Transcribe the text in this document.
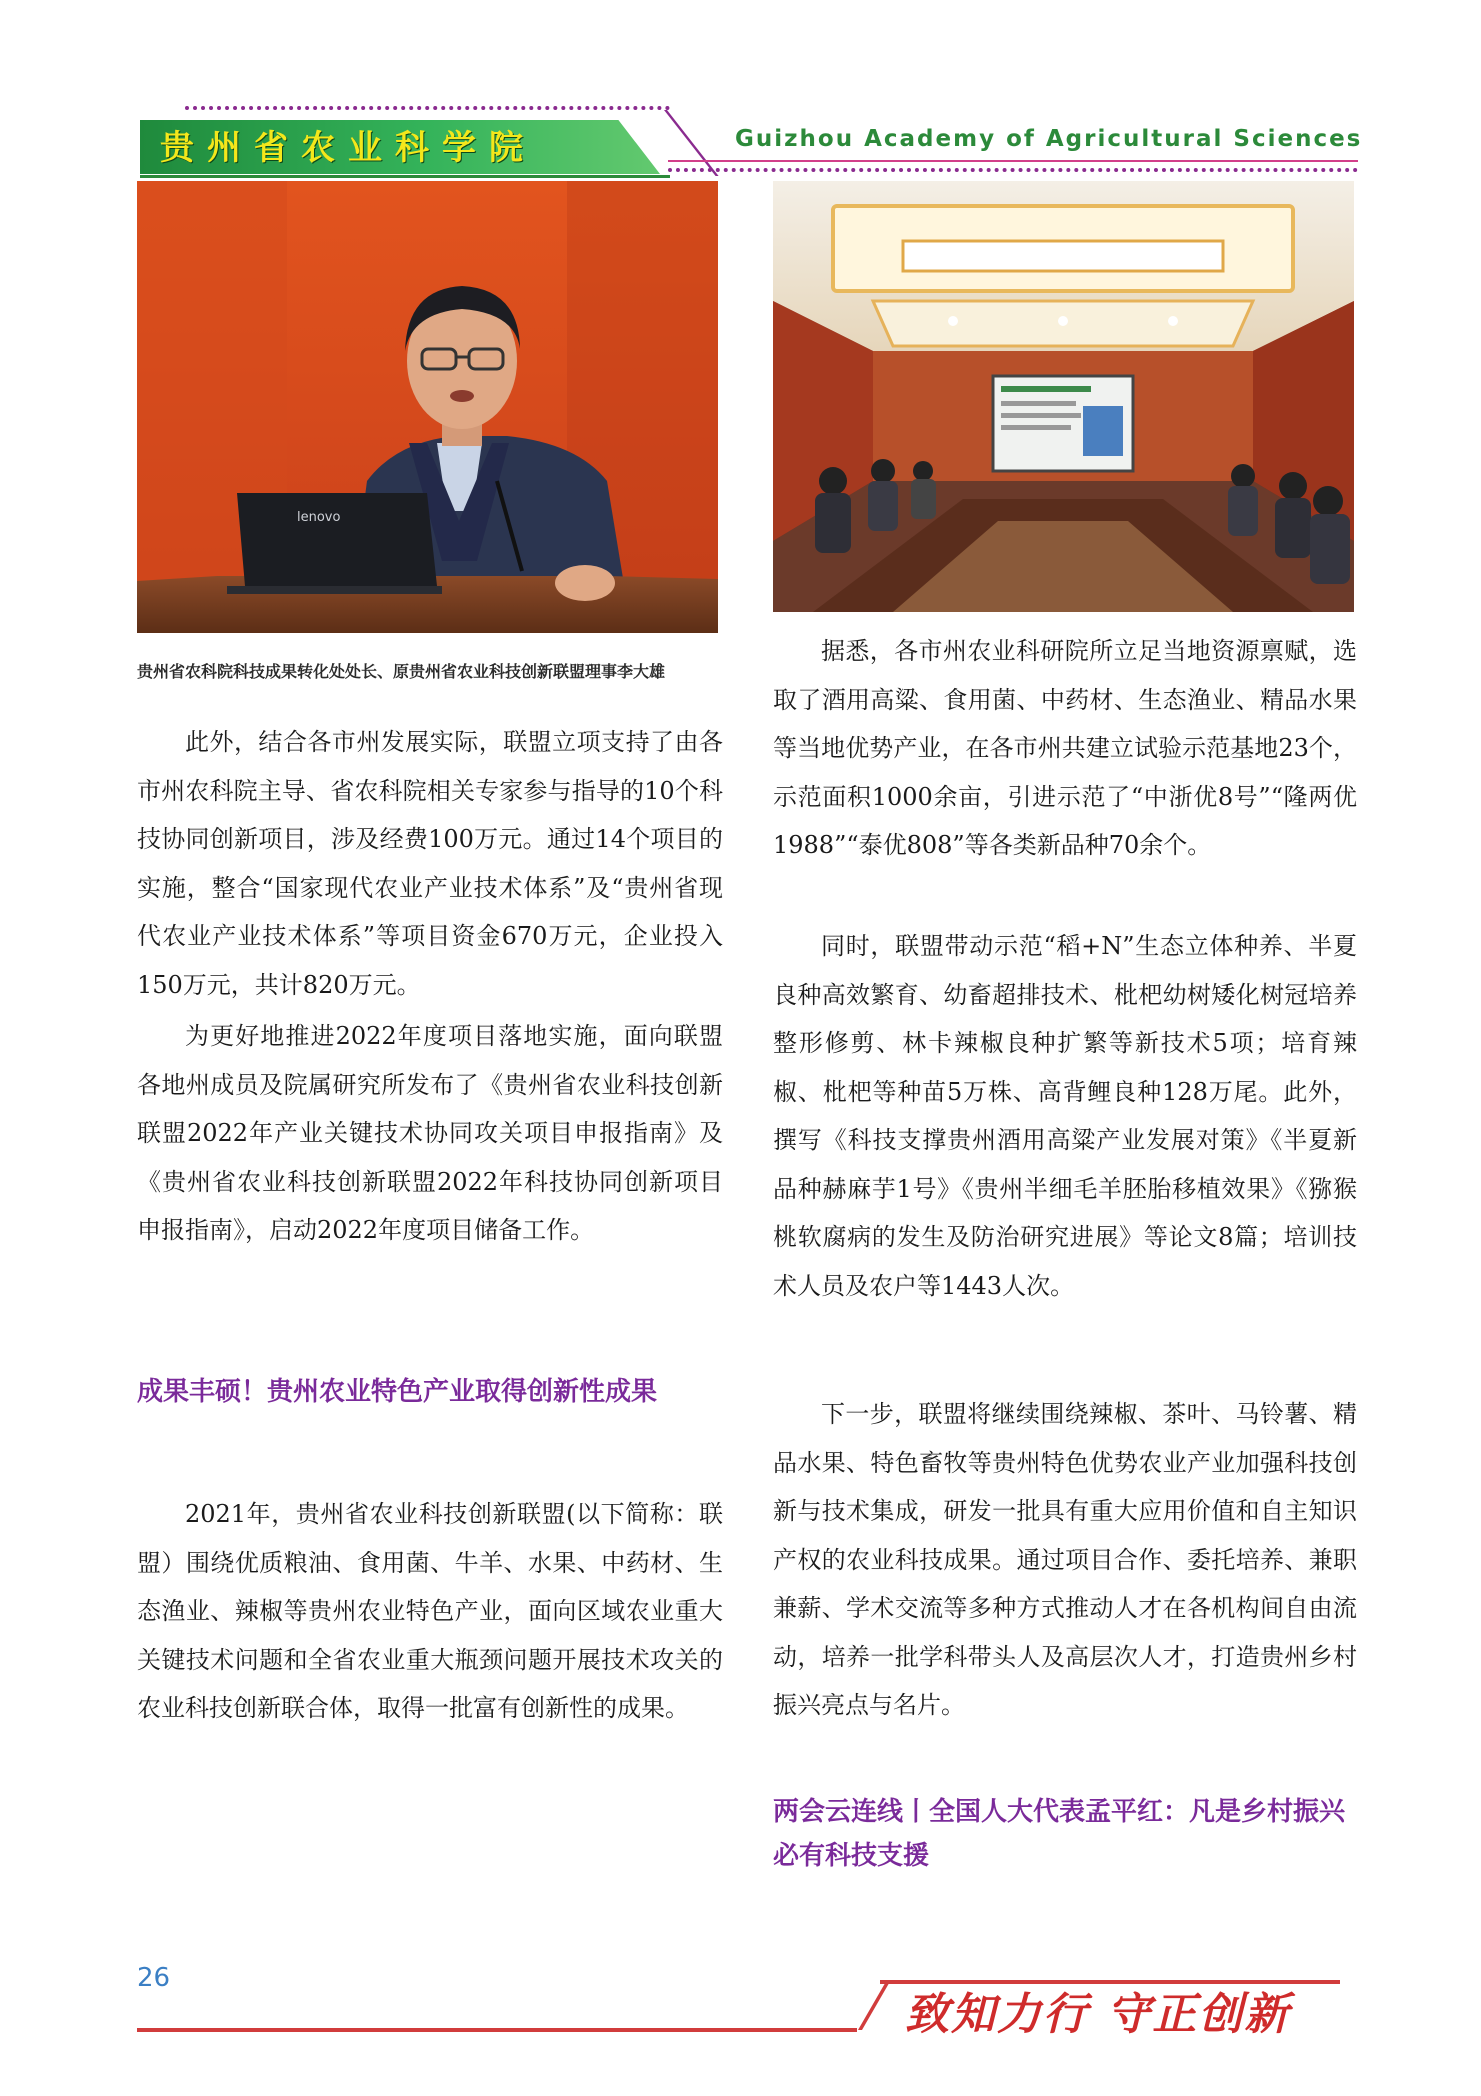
贵州省农业科学院	Guizhou Academy of Agricultural Sciences
lenovo
贵州省农科院科技成果转化处处长、原贵州省农业科技创新联盟理事李大雄

此外，结合各市州发展实际，联盟立项支持了由各市州农科院主导、省农科院相关专家参与指导的10个科技协同创新项目，涉及经费100万元。通过14个项目的实施，整合“国家现代农业产业技术体系”及“贵州省现代农业产业技术体系”等项目资金670万元，企业投入150万元，共计820万元。

为更好地推进2022年度项目落地实施，面向联盟各地州成员及院属研究所发布了《贵州省农业科技创新联盟2022年产业关键技术协同攻关项目申报指南》及《贵州省农业科技创新联盟2022年科技协同创新项目申报指南》，启动2022年度项目储备工作。

成果丰硕！贵州农业特色产业取得创新性成果

2021年，贵州省农业科技创新联盟(以下简称：联盟）围绕优质粮油、食用菌、牛羊、水果、中药材、生态渔业、辣椒等贵州农业特色产业，面向区域农业重大关键技术问题和全省农业重大瓶颈问题开展技术攻关的农业科技创新联合体，取得一批富有创新性的成果。

据悉，各市州农业科研院所立足当地资源禀赋，选取了酒用高粱、食用菌、中药材、生态渔业、精品水果等当地优势产业，在各市州共建立试验示范基地23个，示范面积1000余亩，引进示范了“中浙优8号”“隆两优1988”“泰优808”等各类新品种70余个。

同时，联盟带动示范“稻+N”生态立体种养、半夏良种高效繁育、幼畜超排技术、枇杷幼树矮化树冠培养整形修剪、林卡辣椒良种扩繁等新技术5项；培育辣椒、枇杷等种苗5万株、高背鲤良种128万尾。此外，撰写《科技支撑贵州酒用高粱产业发展对策》《半夏新品种赫麻芋1号》《贵州半细毛羊胚胎移植效果》《猕猴桃软腐病的发生及防治研究进展》等论文8篇；培训技术人员及农户等1443人次。

下一步，联盟将继续围绕辣椒、茶叶、马铃薯、精品水果、特色畜牧等贵州特色优势农业产业加强科技创新与技术集成，研发一批具有重大应用价值和自主知识产权的农业科技成果。通过项目合作、委托培养、兼职兼薪、学术交流等多种方式推动人才在各机构间自由流动，培养一批学科带头人及高层次人才，打造贵州乡村振兴亮点与名片。

两会云连线丨全国人大代表孟平红：凡是乡村振兴 必有科技支援
26
致知力行 守正创新
